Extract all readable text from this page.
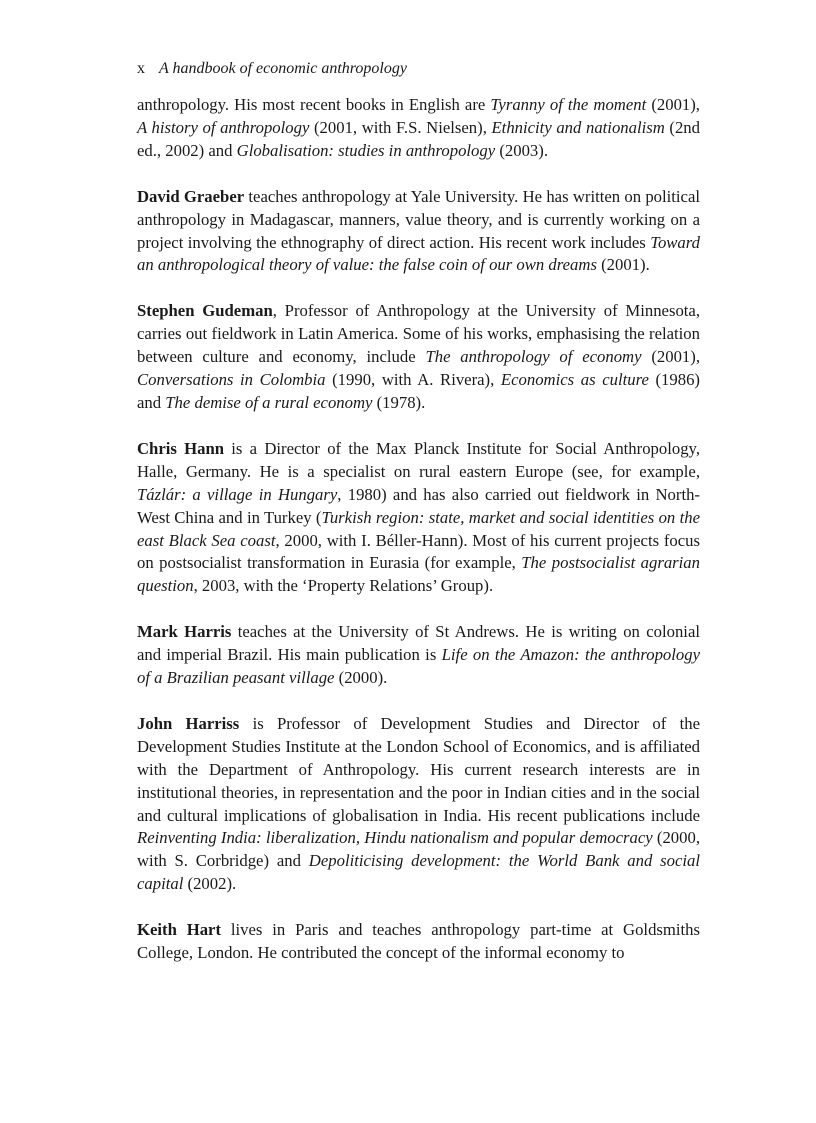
x A handbook of economic anthropology

anthropology. His most recent books in English are Tyranny of the moment (2001), A history of anthropology (2001, with F.S. Nielsen), Ethnicity and nationalism (2nd ed., 2002) and Globalisation: studies in anthropology (2003).

David Graeber teaches anthropology at Yale University. He has written on political anthropology in Madagascar, manners, value theory, and is currently working on a project involving the ethnography of direct action. His recent work includes Toward an anthropological theory of value: the false coin of our own dreams (2001).

Stephen Gudeman, Professor of Anthropology at the University of Minnesota, carries out fieldwork in Latin America. Some of his works, emphasising the relation between culture and economy, include The anthropology of economy (2001), Conversations in Colombia (1990, with A. Rivera), Economics as culture (1986) and The demise of a rural economy (1978).

Chris Hann is a Director of the Max Planck Institute for Social Anthropology, Halle, Germany. He is a specialist on rural eastern Europe (see, for example, Tázlár: a village in Hungary, 1980) and has also carried out fieldwork in North-West China and in Turkey (Turkish region: state, market and social identities on the east Black Sea coast, 2000, with I. Béller-Hann). Most of his current projects focus on postsocialist transformation in Eurasia (for example, The postsocialist agrarian question, 2003, with the ‘Property Relations’ Group).

Mark Harris teaches at the University of St Andrews. He is writing on colonial and imperial Brazil. His main publication is Life on the Amazon: the anthropology of a Brazilian peasant village (2000).

John Harriss is Professor of Development Studies and Director of the Development Studies Institute at the London School of Economics, and is affiliated with the Department of Anthropology. His current research interests are in institutional theories, in representation and the poor in Indian cities and in the social and cultural implications of globalisation in India. His recent publications include Reinventing India: liberalization, Hindu nationalism and popular democracy (2000, with S. Corbridge) and Depoliticising development: the World Bank and social capital (2002).

Keith Hart lives in Paris and teaches anthropology part-time at Goldsmiths College, London. He contributed the concept of the informal economy to
